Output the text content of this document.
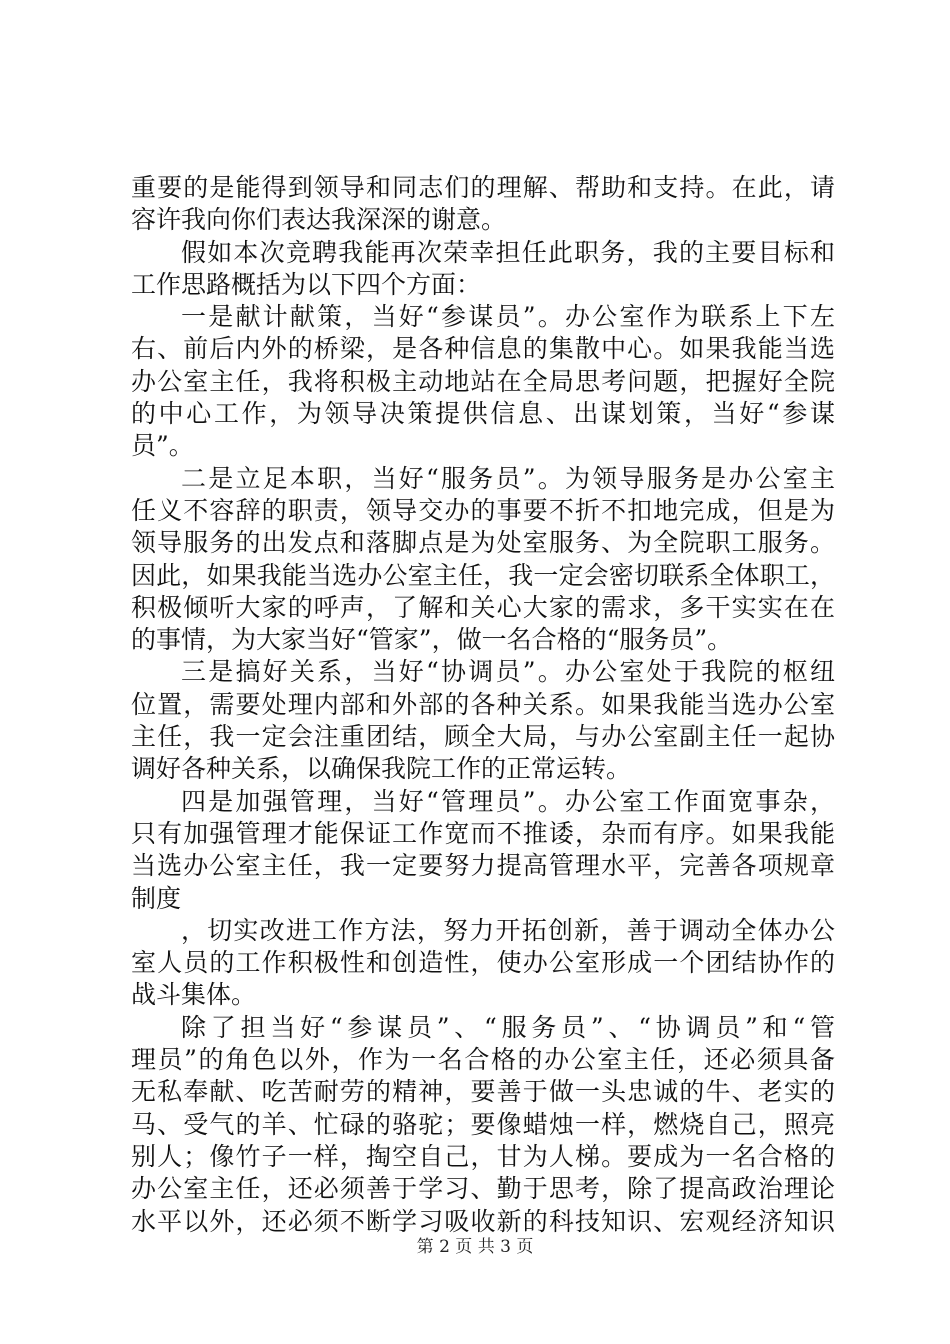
重要的是能得到领导和同志们的理解、帮助和支持。在此，请
容许我向你们表达我深深的谢意。
假如本次竞聘我能再次荣幸担任此职务，我的主要目标和
工作思路概括为以下四个方面：
一是献计献策，当好“参谋员”。办公室作为联系上下左
右、前后内外的桥梁，是各种信息的集散中心。如果我能当选
办公室主任，我将积极主动地站在全局思考问题，把握好全院
的中心工作，为领导决策提供信息、出谋划策，当好“参谋
员”。
二是立足本职，当好“服务员”。为领导服务是办公室主
任义不容辞的职责，领导交办的事要不折不扣地完成，但是为
领导服务的出发点和落脚点是为处室服务、为全院职工服务。
因此，如果我能当选办公室主任，我一定会密切联系全体职工，
积极倾听大家的呼声，了解和关心大家的需求，多干实实在在
的事情，为大家当好“管家”，做一名合格的“服务员”。
三是搞好关系，当好“协调员”。办公室处于我院的枢纽
位置，需要处理内部和外部的各种关系。如果我能当选办公室
主任，我一定会注重团结，顾全大局，与办公室副主任一起协
调好各种关系，以确保我院工作的正常运转。
四是加强管理，当好“管理员”。办公室工作面宽事杂，
只有加强管理才能保证工作宽而不推诿，杂而有序。如果我能
当选办公室主任，我一定要努力提高管理水平，完善各项规章
制度
，切实改进工作方法，努力开拓创新，善于调动全体办公
室人员的工作积极性和创造性，使办公室形成一个团结协作的
战斗集体。
除了担当好“参谋员”、“服务员”、“协调员”和“管
理员”的角色以外，作为一名合格的办公室主任，还必须具备
无私奉献、吃苦耐劳的精神，要善于做一头忠诚的牛、老实的
马、受气的羊、忙碌的骆驼；要像蜡烛一样，燃烧自己，照亮
别人；像竹子一样，掏空自己，甘为人梯。要成为一名合格的
办公室主任，还必须善于学习、勤于思考，除了提高政治理论
水平以外，还必须不断学习吸收新的科技知识、宏观经济知识
第 2 页 共 3 页
